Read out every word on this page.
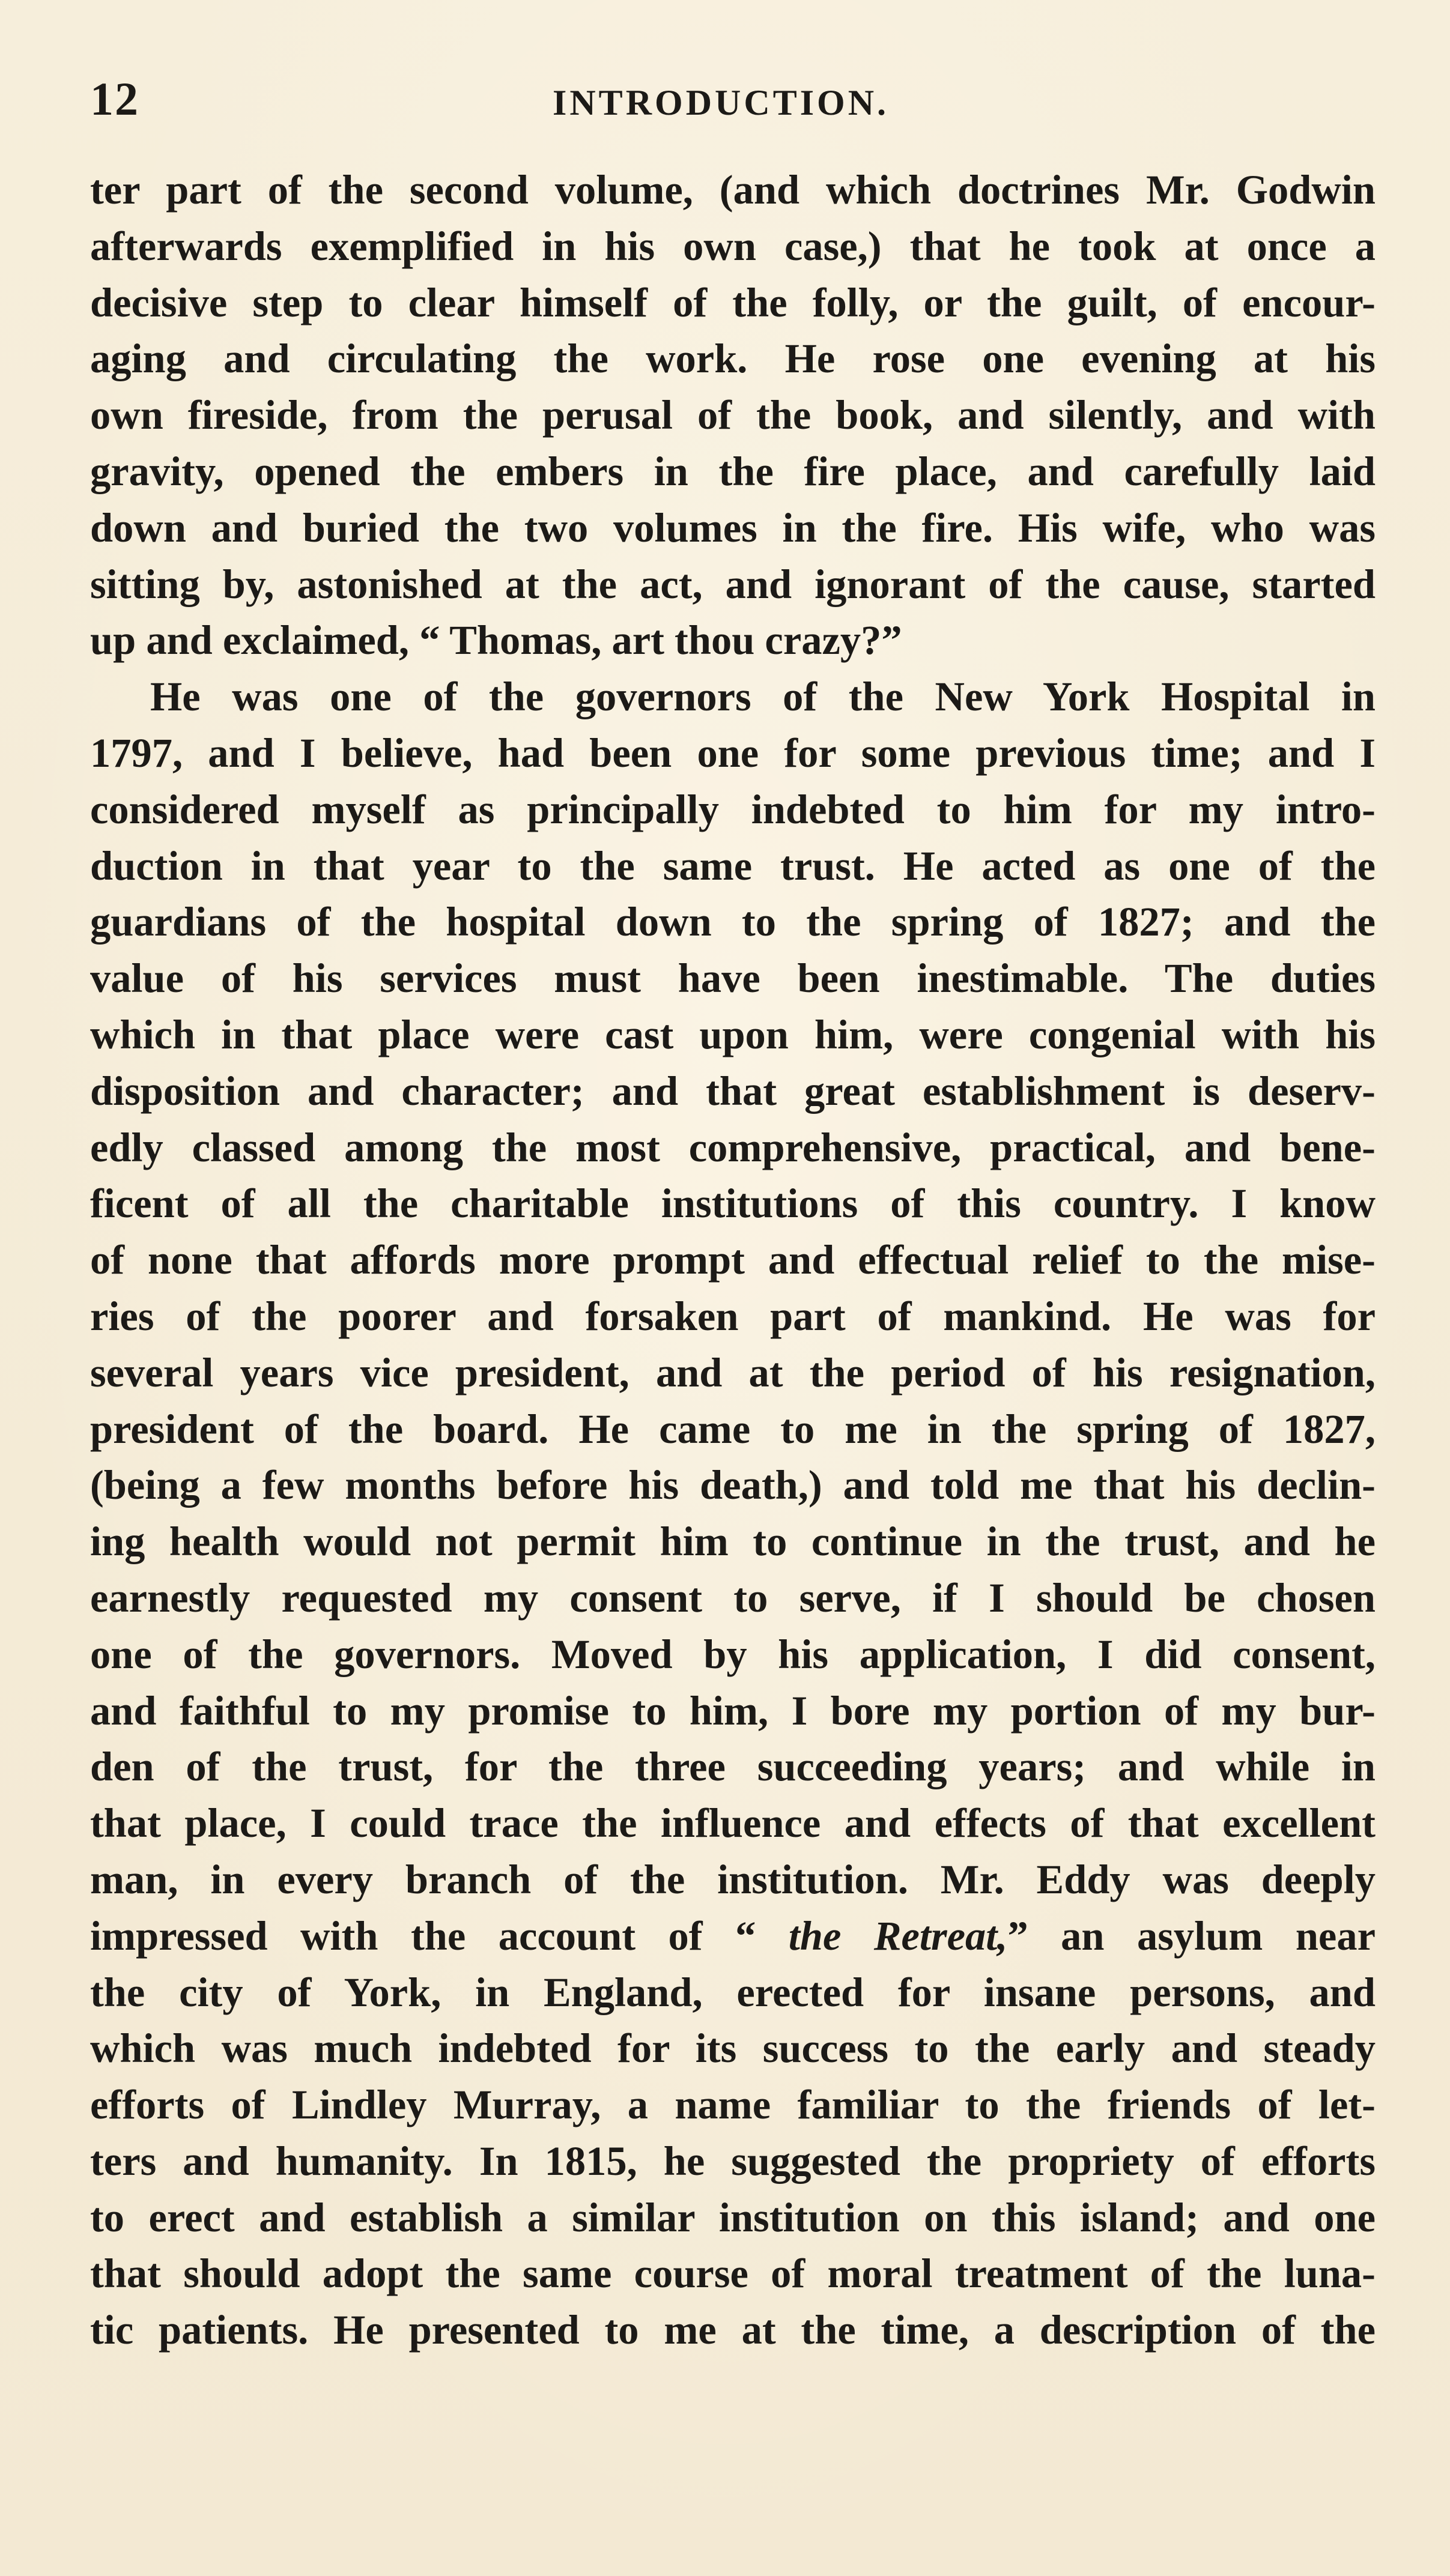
12	INTRODUCTION.
ter part of the second volume, (and which doctrines Mr. Godwin
afterwards exemplified in his own case,) that he took at once a
decisive step to clear himself of the folly, or the guilt, of encour-
aging and circulating the work. He rose one evening at his
own fireside, from the perusal of the book, and silently, and with
gravity, opened the embers in the fire place, and carefully laid
down and buried the two volumes in the fire. His wife, who was
sitting by, astonished at the act, and ignorant of the cause, started
up and exclaimed, “ Thomas, art thou crazy?”
He was one of the governors of the New York Hospital in
1797, and I believe, had been one for some previous time; and I
considered myself as principally indebted to him for my intro-
duction in that year to the same trust. He acted as one of the
guardians of the hospital down to the spring of 1827; and the
value of his services must have been inestimable. The duties
which in that place were cast upon him, were congenial with his
disposition and character; and that great establishment is deserv-
edly classed among the most comprehensive, practical, and bene-
ficent of all the charitable institutions of this country. I know
of none that affords more prompt and effectual relief to the mise-
ries of the poorer and forsaken part of mankind. He was for
several years vice president, and at the period of his resignation,
president of the board. He came to me in the spring of 1827,
(being a few months before his death,) and told me that his declin-
ing health would not permit him to continue in the trust, and he
earnestly requested my consent to serve, if I should be chosen
one of the governors. Moved by his application, I did consent,
and faithful to my promise to him, I bore my portion of my bur-
den of the trust, for the three succeeding years; and while in
that place, I could trace the influence and effects of that excellent
man, in every branch of the institution. Mr. Eddy was deeply
impressed with the account of “ the Retreat,” an asylum near
the city of York, in England, erected for insane persons, and
which was much indebted for its success to the early and steady
efforts of Lindley Murray, a name familiar to the friends of let-
ters and humanity. In 1815, he suggested the propriety of efforts
to erect and establish a similar institution on this island; and one
that should adopt the same course of moral treatment of the luna-
tic patients. He presented to me at the time, a description of the
